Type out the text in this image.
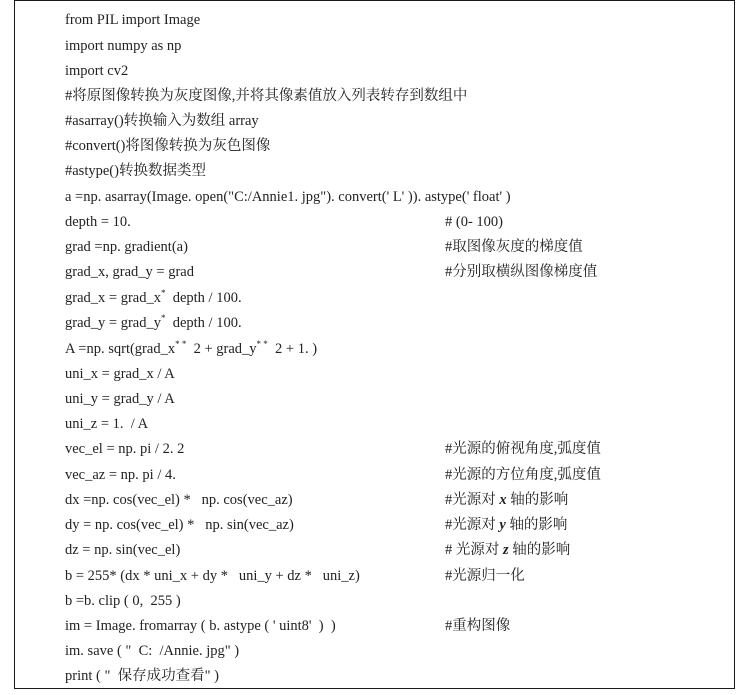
from PIL import Image
import numpy as np
import cv2
#将原图像转换为灰度图像,并将其像素值放入列表转存到数组中
#asarray()转换输入为数组 array
#convert()将图像转换为灰色图像
#astype()转换数据类型
a =np. asarray(Image. open("C:/Annie1. jpg"). convert(' L' )). astype(' float' )
depth = 10.	# (0- 100)
grad =np. gradient(a)	#取图像灰度的梯度值
grad_x, grad_y = grad	#分别取横纵图像梯度值
grad_x = grad_x*  depth / 100.
grad_y = grad_y*  depth / 100.
A =np. sqrt(grad_x* *  2 + grad_y* *  2 + 1. )
uni_x = grad_x / A
uni_y = grad_y / A
uni_z = 1.  / A
vec_el = np. pi / 2. 2	#光源的俯视角度,弧度值
vec_az = np. pi / 4.	#光源的方位角度,弧度值
dx =np. cos(vec_el) *   np. cos(vec_az)	#光源对 x 轴的影响
dy = np. cos(vec_el) *   np. sin(vec_az)	#光源对 y 轴的影响
dz = np. sin(vec_el)	# 光源对 z 轴的影响
b = 255* (dx * uni_x + dy *   uni_y + dz *   uni_z)	#光源归一化
b =b. clip ( 0,  255 )
im = Image. fromarray ( b. astype ( ' uint8'  )  )	#重构图像
im. save ( "  C:  /Annie. jpg" )
print ( "  保存成功查看" )
